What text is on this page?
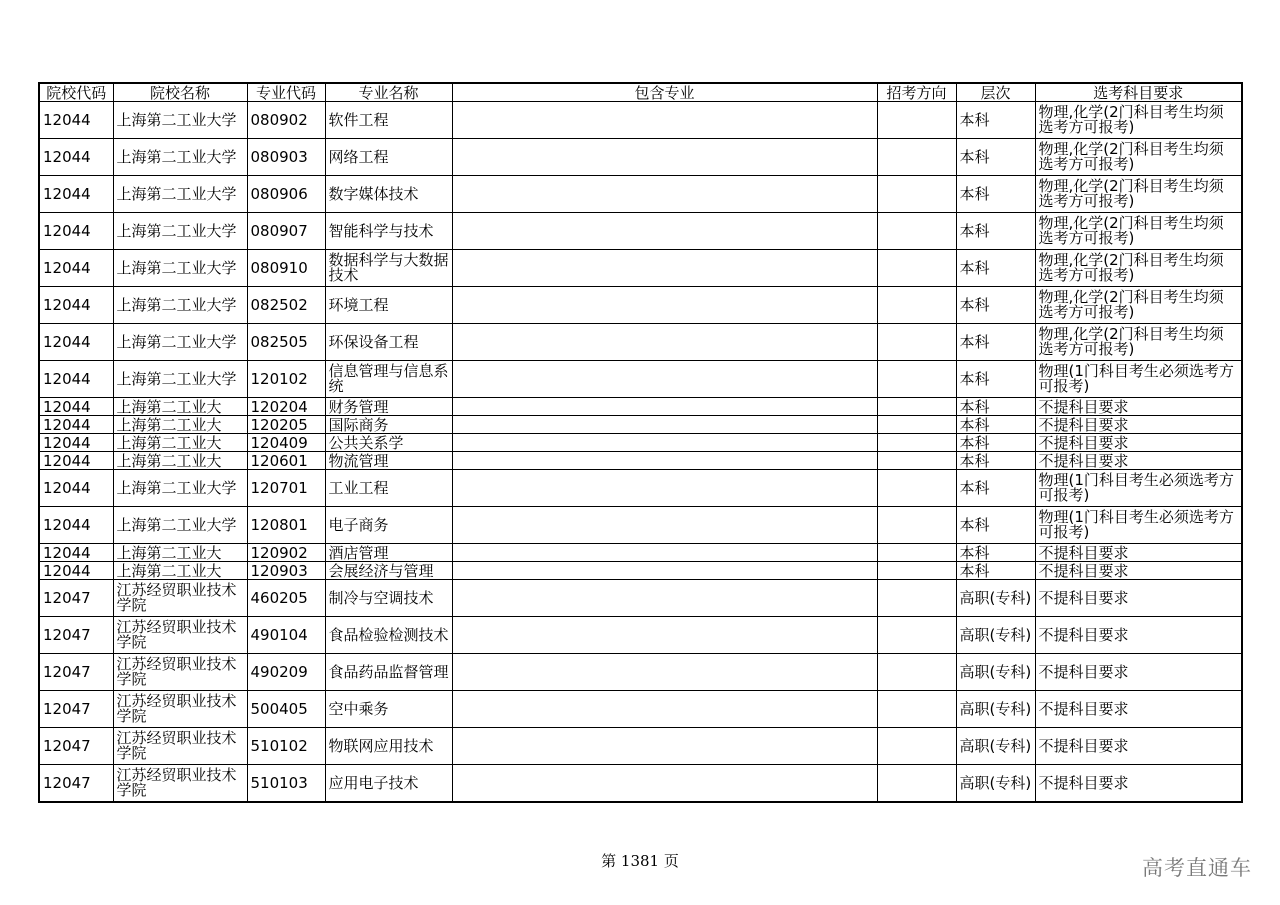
院校代码	院校名称	专业代码	专业名称	包含专业	招考方向	层次	选考科目要求
12044	上海第二工业大学	080902	软件工程			本科	物理,化学(2门科目考生均须选考方可报考)
12044	上海第二工业大学	080903	网络工程			本科	物理,化学(2门科目考生均须选考方可报考)
12044	上海第二工业大学	080906	数字媒体技术			本科	物理,化学(2门科目考生均须选考方可报考)
12044	上海第二工业大学	080907	智能科学与技术			本科	物理,化学(2门科目考生均须选考方可报考)
12044	上海第二工业大学	080910	数据科学与大数据技术			本科	物理,化学(2门科目考生均须选考方可报考)
12044	上海第二工业大学	082502	环境工程			本科	物理,化学(2门科目考生均须选考方可报考)
12044	上海第二工业大学	082505	环保设备工程			本科	物理,化学(2门科目考生均须选考方可报考)
12044	上海第二工业大学	120102	信息管理与信息系统			本科	物理(1门科目考生必须选考方可报考)
12044	上海第二工业大	120204	财务管理			本科	不提科目要求
12044	上海第二工业大	120205	国际商务			本科	不提科目要求
12044	上海第二工业大	120409	公共关系学			本科	不提科目要求
12044	上海第二工业大	120601	物流管理			本科	不提科目要求
12044	上海第二工业大学	120701	工业工程			本科	物理(1门科目考生必须选考方可报考)
12044	上海第二工业大学	120801	电子商务			本科	物理(1门科目考生必须选考方可报考)
12044	上海第二工业大	120902	酒店管理			本科	不提科目要求
12044	上海第二工业大	120903	会展经济与管理			本科	不提科目要求
12047	江苏经贸职业技术学院	460205	制冷与空调技术			高职(专科)	不提科目要求
12047	江苏经贸职业技术学院	490104	食品检验检测技术			高职(专科)	不提科目要求
12047	江苏经贸职业技术学院	490209	食品药品监督管理			高职(专科)	不提科目要求
12047	江苏经贸职业技术学院	500405	空中乘务			高职(专科)	不提科目要求
12047	江苏经贸职业技术学院	510102	物联网应用技术			高职(专科)	不提科目要求
12047	江苏经贸职业技术学院	510103	应用电子技术			高职(专科)	不提科目要求
第 1381 页	高考直通车
